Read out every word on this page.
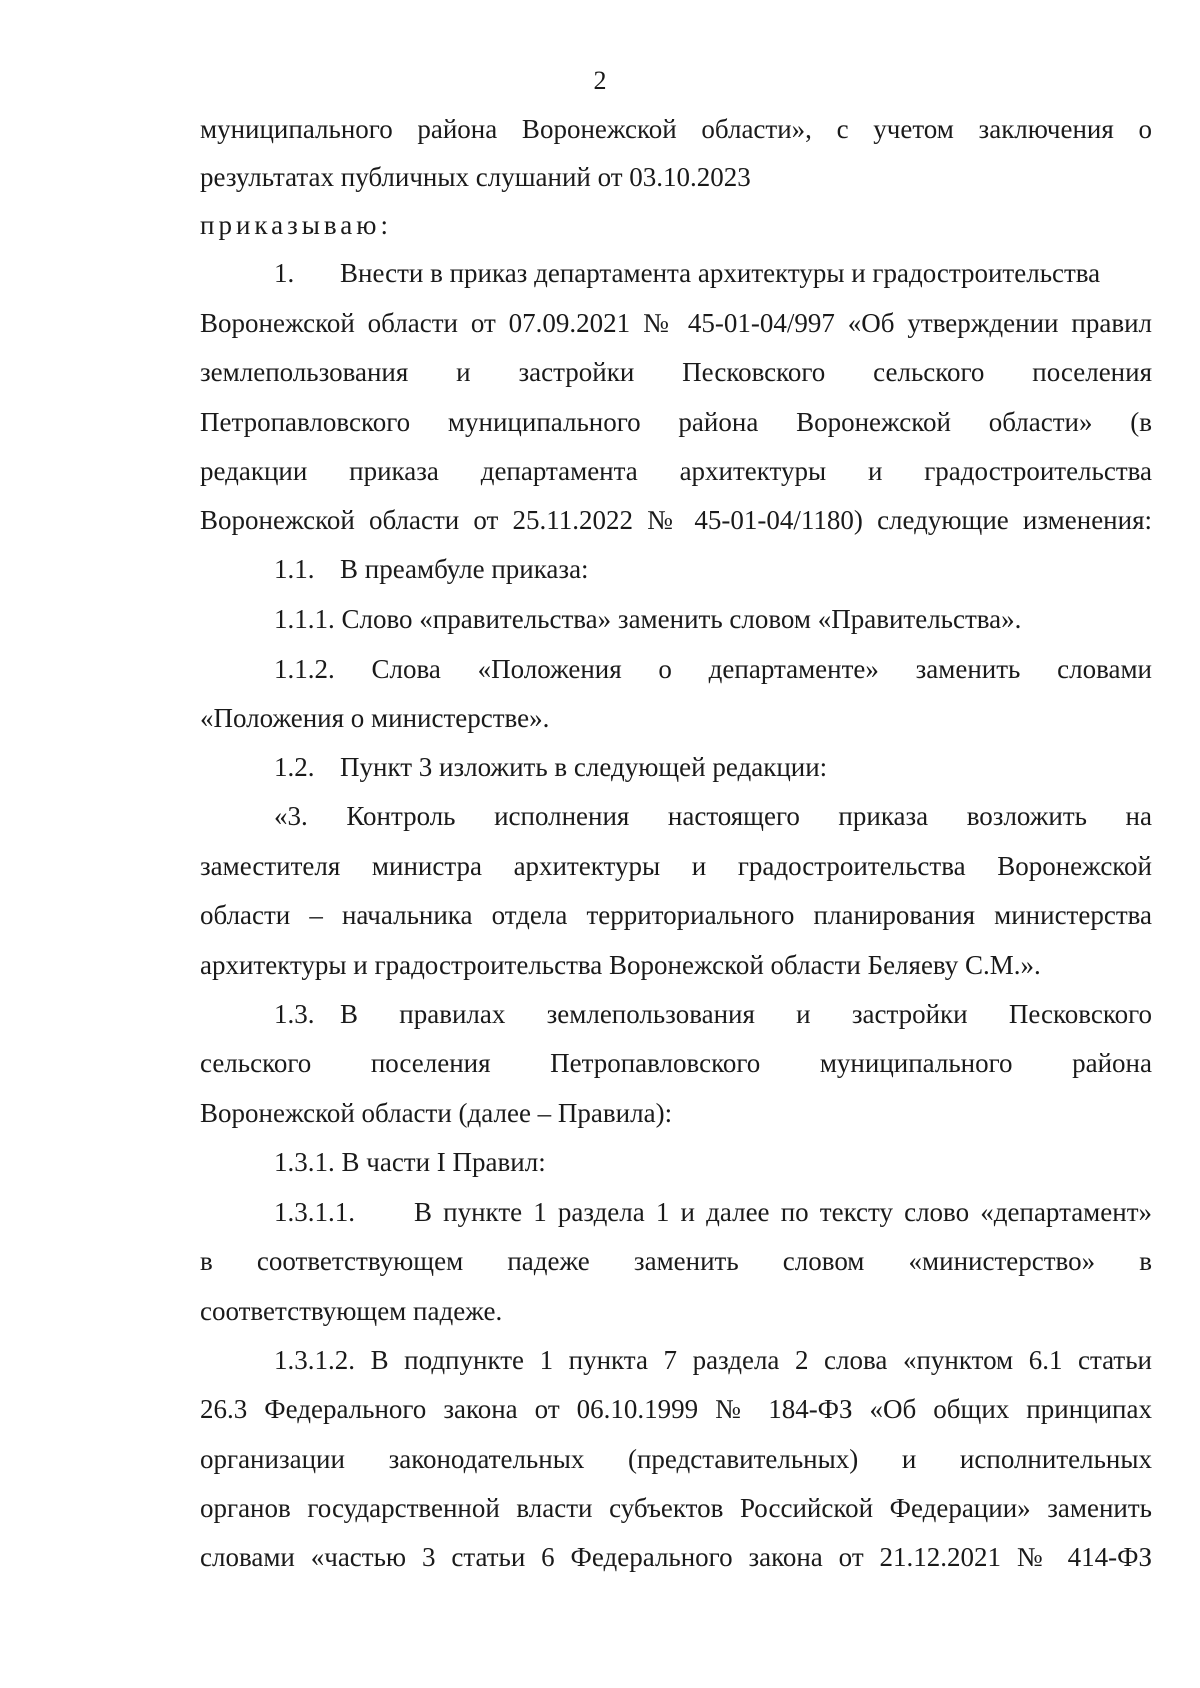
2
муниципального района Воронежской области», с учетом заключения о
результатах публичных слушаний от 03.10.2023
приказываю:
1. Внести в приказ департамента архитектуры и градостроительства
Воронежской области от 07.09.2021 № 45-01-04/997 «Об утверждении правил
землепользования и застройки Песковского сельского поселения
Петропавловского муниципального района Воронежской области» (в
редакции приказа департамента архитектуры и градостроительства
Воронежской области от 25.11.2022 № 45-01-04/1180) следующие изменения:
1.1. В преамбуле приказа:
1.1.1. Слово «правительства» заменить словом «Правительства».
1.1.2. Слова «Положения о департаменте» заменить словами
«Положения о министерстве».
1.2. Пункт 3 изложить в следующей редакции:
«3. Контроль исполнения настоящего приказа возложить на
заместителя министра архитектуры и градостроительства Воронежской
области – начальника отдела территориального планирования министерства
архитектуры и градостроительства Воронежской области Беляеву С.М.».
1.3. В правилах землепользования и застройки Песковского
сельского поселения Петропавловского муниципального района
Воронежской области (далее – Правила):
1.3.1. В части I Правил:
1.3.1.1.	В пункте 1 раздела 1 и далее по тексту слово «департамент»
в соответствующем падеже заменить словом «министерство» в
соответствующем падеже.
1.3.1.2. В подпункте 1 пункта 7 раздела 2 слова «пунктом 6.1 статьи
26.3 Федерального закона от 06.10.1999 № 184-ФЗ «Об общих принципах
организации законодательных (представительных) и исполнительных
органов государственной власти субъектов Российской Федерации» заменить
словами «частью 3 статьи 6 Федерального закона от 21.12.2021 № 414-ФЗ
